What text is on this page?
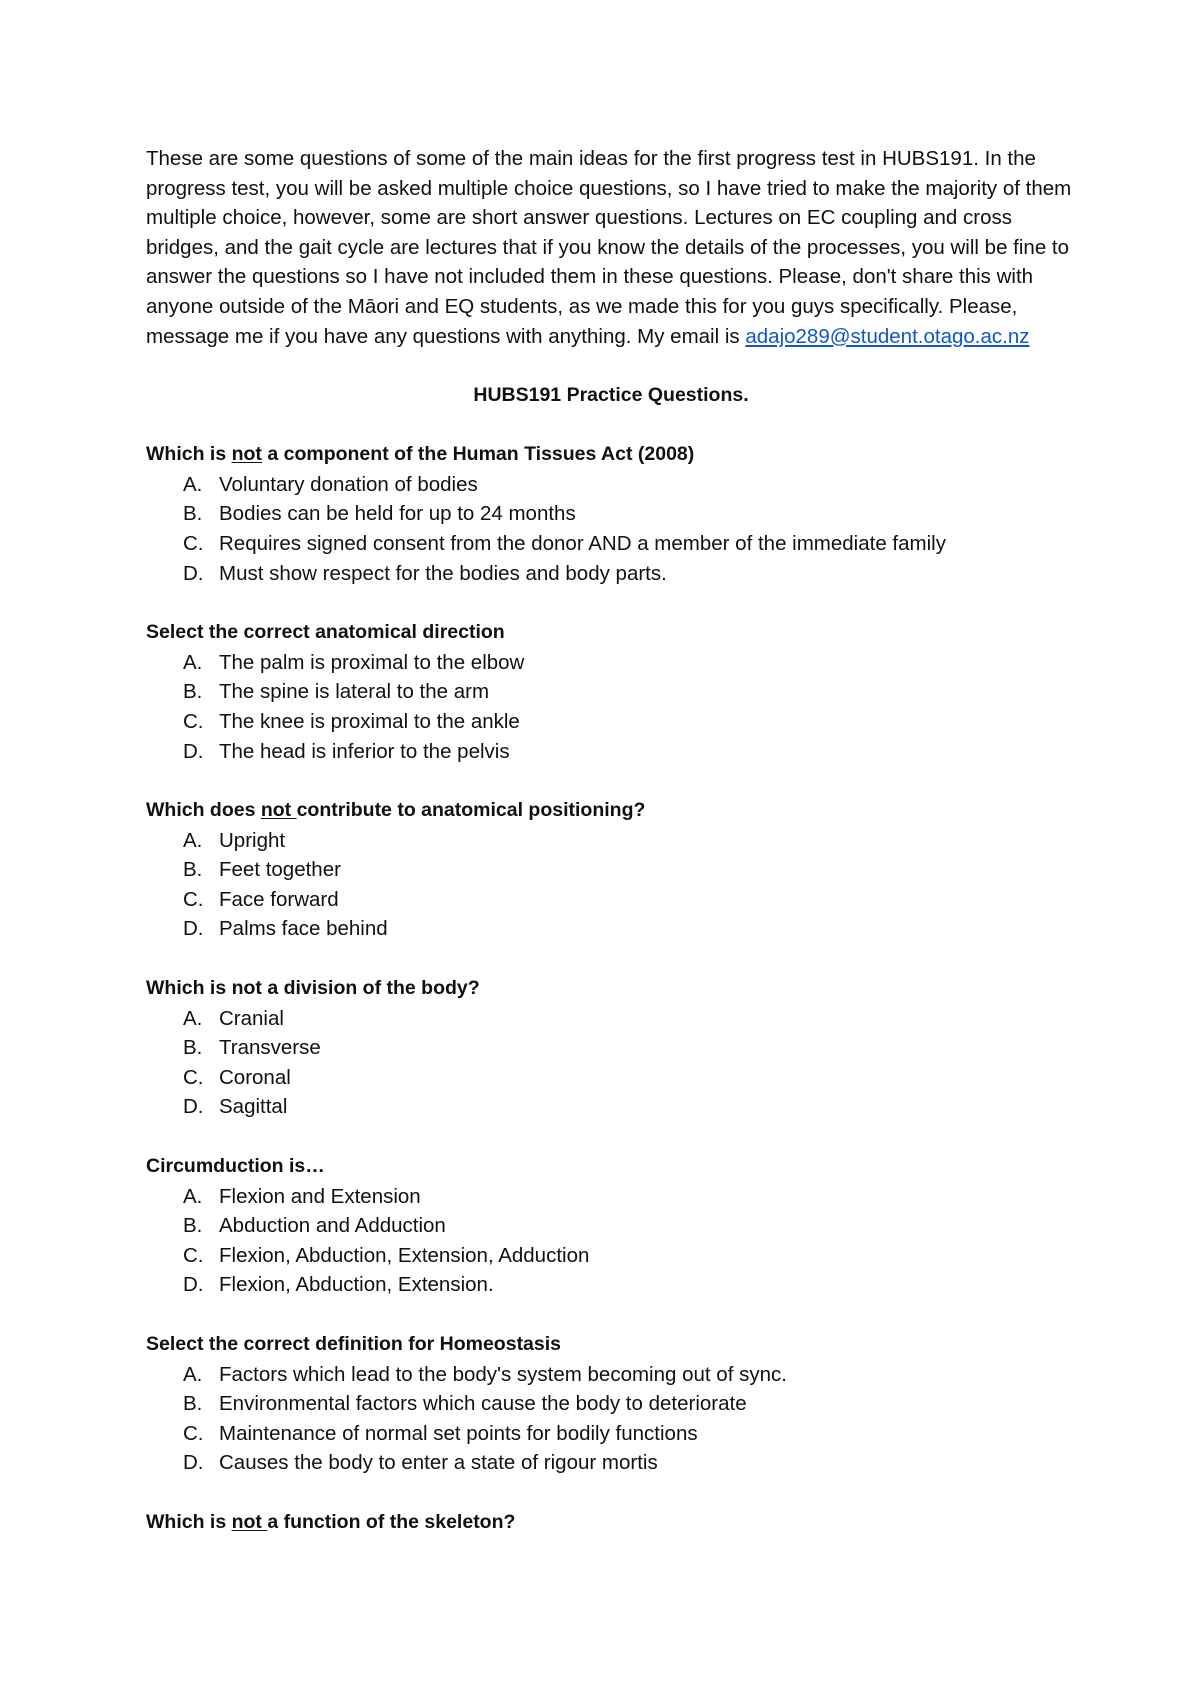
These are some questions of some of the main ideas for the first progress test in HUBS191. In the progress test, you will be asked multiple choice questions, so I have tried to make the majority of them multiple choice, however, some are short answer questions. Lectures on EC coupling and cross bridges, and the gait cycle are lectures that if you know the details of the processes, you will be fine to answer the questions so I have not included them in these questions. Please, don't share this with anyone outside of the Māori and EQ students, as we made this for you guys specifically. Please, message me if you have any questions with anything. My email is adajo289@student.otago.ac.nz

HUBS191 Practice Questions.

Which is not a component of the Human Tissues Act (2008)

A. Voluntary donation of bodies
B. Bodies can be held for up to 24 months
C. Requires signed consent from the donor AND a member of the immediate family
D. Must show respect for the bodies and body parts.

Select the correct anatomical direction

A. The palm is proximal to the elbow
B. The spine is lateral to the arm
C. The knee is proximal to the ankle
D. The head is inferior to the pelvis

Which does not contribute to anatomical positioning?

A. Upright
B. Feet together
C. Face forward
D. Palms face behind

Which is not a division of the body?

A. Cranial
B. Transverse
C. Coronal
D. Sagittal

Circumduction is…

A. Flexion and Extension
B. Abduction and Adduction
C. Flexion, Abduction, Extension, Adduction
D. Flexion, Abduction, Extension.

Select the correct definition for Homeostasis

A. Factors which lead to the body's system becoming out of sync.
B. Environmental factors which cause the body to deteriorate
C. Maintenance of normal set points for bodily functions
D. Causes the body to enter a state of rigour mortis

Which is not a function of the skeleton?
